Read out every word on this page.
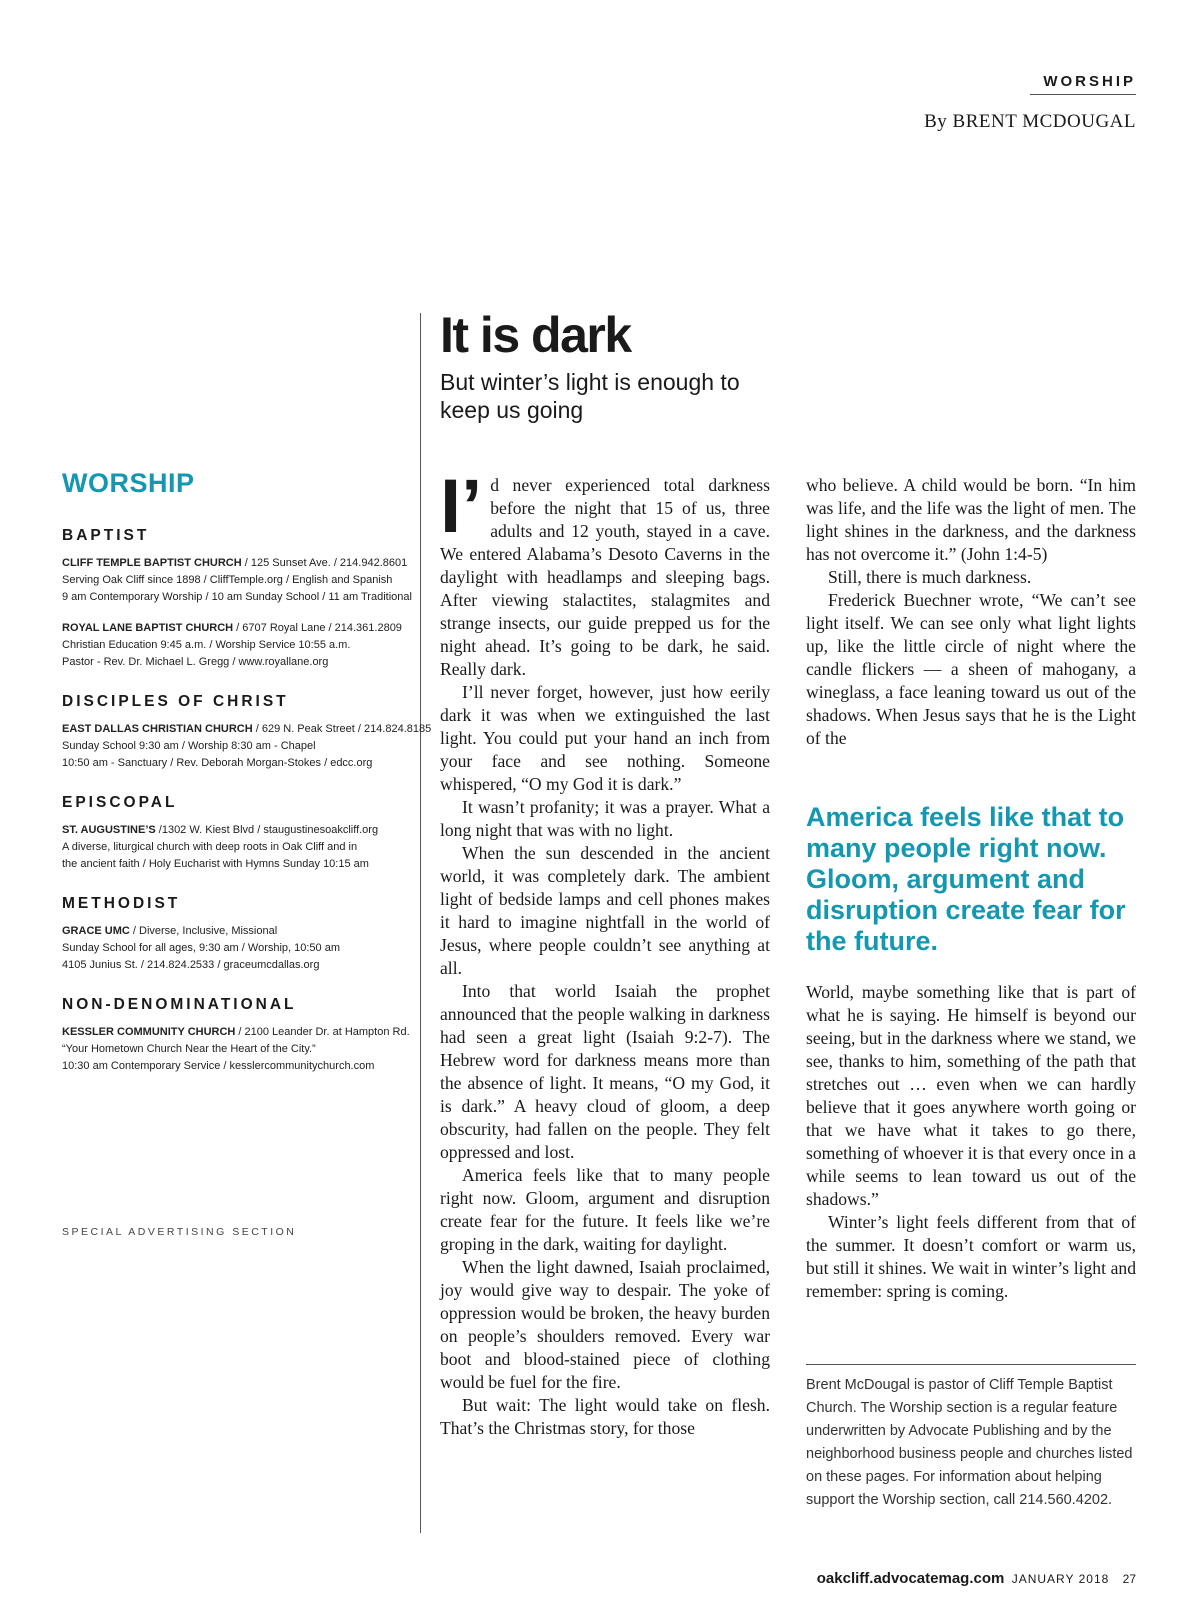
WORSHIP
By BRENT MCDOUGAL
It is dark
But winter’s light is enough to keep us going
WORSHIP
BAPTIST
CLIFF TEMPLE BAPTIST CHURCH / 125 Sunset Ave. / 214.942.8601
Serving Oak Cliff since 1898 / CliffTemple.org / English and Spanish
9 am Contemporary Worship / 10 am Sunday School / 11 am Traditional
ROYAL LANE BAPTIST CHURCH / 6707 Royal Lane / 214.361.2809
Christian Education 9:45 a.m. / Worship Service 10:55 a.m.
Pastor - Rev. Dr. Michael L. Gregg / www.royallane.org
DISCIPLES OF CHRIST
EAST DALLAS CHRISTIAN CHURCH / 629 N. Peak Street / 214.824.8185
Sunday School 9:30 am / Worship 8:30 am - Chapel
10:50 am - Sanctuary / Rev. Deborah Morgan-Stokes / edcc.org
EPISCOPAL
ST. AUGUSTINE’S /1302 W. Kiest Blvd / staugustinesoakcliff.org
A diverse, liturgical church with deep roots in Oak Cliff and in
the ancient faith / Holy Eucharist with Hymns Sunday 10:15 am
METHODIST
GRACE UMC / Diverse, Inclusive, Missional
Sunday School for all ages, 9:30 am / Worship, 10:50 am
4105 Junius St. / 214.824.2533 / graceumcdallas.org
NON-DENOMINATIONAL
KESSLER COMMUNITY CHURCH / 2100 Leander Dr. at Hampton Rd.
“Your Hometown Church Near the Heart of the City.”
10:30 am Contemporary Service / kesslercommunitychurch.com
SPECIAL ADVERTISING SECTION
I’ d never experienced total darkness before the night that 15 of us, three adults and 12 youth, stayed in a cave. We entered Alabama’s Desoto Caverns in the daylight with headlamps and sleeping bags. After viewing stalactites, stalagmites and strange insects, our guide prepped us for the night ahead. It’s going to be dark, he said. Really dark.

I’ll never forget, however, just how eerily dark it was when we extinguished the last light. You could put your hand an inch from your face and see nothing. Someone whispered, “O my God it is dark.”

It wasn’t profanity; it was a prayer. What a long night that was with no light.

When the sun descended in the ancient world, it was completely dark. The ambient light of bedside lamps and cell phones makes it hard to imagine nightfall in the world of Jesus, where people couldn’t see anything at all.

Into that world Isaiah the prophet announced that the people walking in darkness had seen a great light (Isaiah 9:2-7). The Hebrew word for darkness means more than the absence of light. It means, “O my God, it is dark.” A heavy cloud of gloom, a deep obscurity, had fallen on the people. They felt oppressed and lost.

America feels like that to many people right now. Gloom, argument and disruption create fear for the future. It feels like we’re groping in the dark, waiting for daylight.

When the light dawned, Isaiah proclaimed, joy would give way to despair. The yoke of oppression would be broken, the heavy burden on people’s shoulders removed. Every war boot and blood-stained piece of clothing would be fuel for the fire.

But wait: The light would take on flesh. That’s the Christmas story, for those

who believe. A child would be born. “In him was life, and the life was the light of men. The light shines in the darkness, and the darkness has not overcome it.” (John 1:4-5)

Still, there is much darkness.

Frederick Buechner wrote, “We can’t see light itself. We can see only what light lights up, like the little circle of night where the candle flickers — a sheen of mahogany, a wineglass, a face leaning toward us out of the shadows. When Jesus says that he is the Light of the

America feels like that to many people right now. Gloom, argument and disruption create fear for the future.

World, maybe something like that is part of what he is saying. He himself is beyond our seeing, but in the darkness where we stand, we see, thanks to him, something of the path that stretches out … even when we can hardly believe that it goes anywhere worth going or that we have what it takes to go there, something of whoever it is that every once in a while seems to lean toward us out of the shadows.”

Winter’s light feels different from that of the summer. It doesn’t comfort or warm us, but still it shines. We wait in winter’s light and remember: spring is coming.

Brent McDougal is pastor of Cliff Temple Baptist Church. The Worship section is a regular feature underwritten by Advocate Publishing and by the neighborhood business people and churches listed on these pages. For information about helping support the Worship section, call 214.560.4202.
oakcliff.advocatemag.com JANUARY 2018 27
